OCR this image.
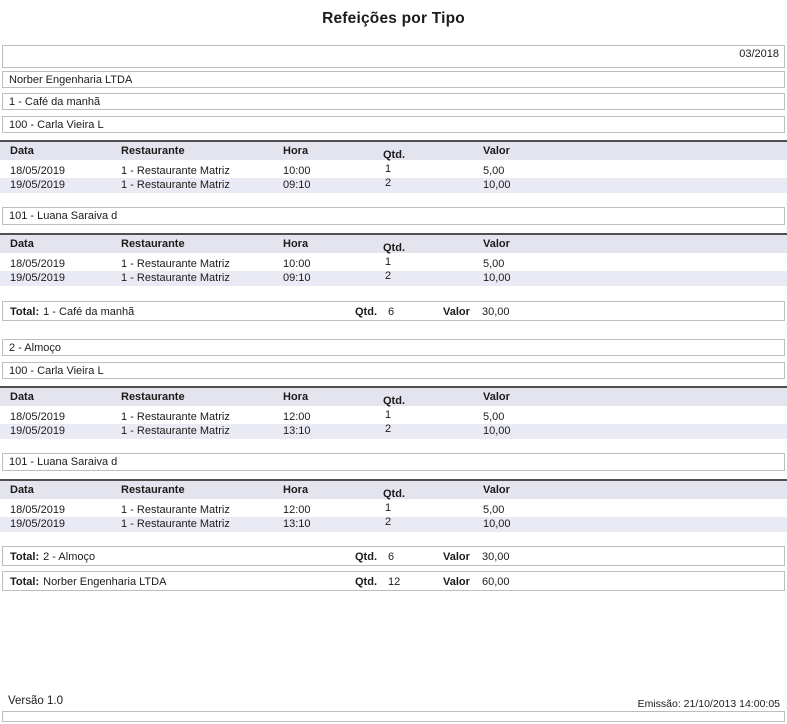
Refeições por Tipo
03/2018
Norber Engenharia LTDA
1 - Café da manhã
100 - Carla Vieira L
Data	Restaurante	Hora	Qtd.	Valor
18/05/2019	1 - Restaurante Matriz	10:00	1	5,00
19/05/2019	1 - Restaurante Matriz	09:10	2	10,00
101 - Luana Saraiva d
Data	Restaurante	Hora	Qtd.	Valor
18/05/2019	1 - Restaurante Matriz	10:00	1	5,00
19/05/2019	1 - Restaurante Matriz	09:10	2	10,00
Total: 1 - Café da manhã	Qtd. 6	Valor 30,00
2 - Almoço
100 - Carla Vieira L
Data	Restaurante	Hora	Qtd.	Valor
18/05/2019	1 - Restaurante Matriz	12:00	1	5,00
19/05/2019	1 - Restaurante Matriz	13:10	2	10,00
101 - Luana Saraiva d
Data	Restaurante	Hora	Qtd.	Valor
18/05/2019	1 - Restaurante Matriz	12:00	1	5,00
19/05/2019	1 - Restaurante Matriz	13:10	2	10,00
Total: 2 - Almoço	Qtd. 6	Valor 30,00
Total: Norber Engenharia LTDA	Qtd. 12	Valor 60,00
Versão 1.0	Emissão: 21/10/2013 14:00:05
